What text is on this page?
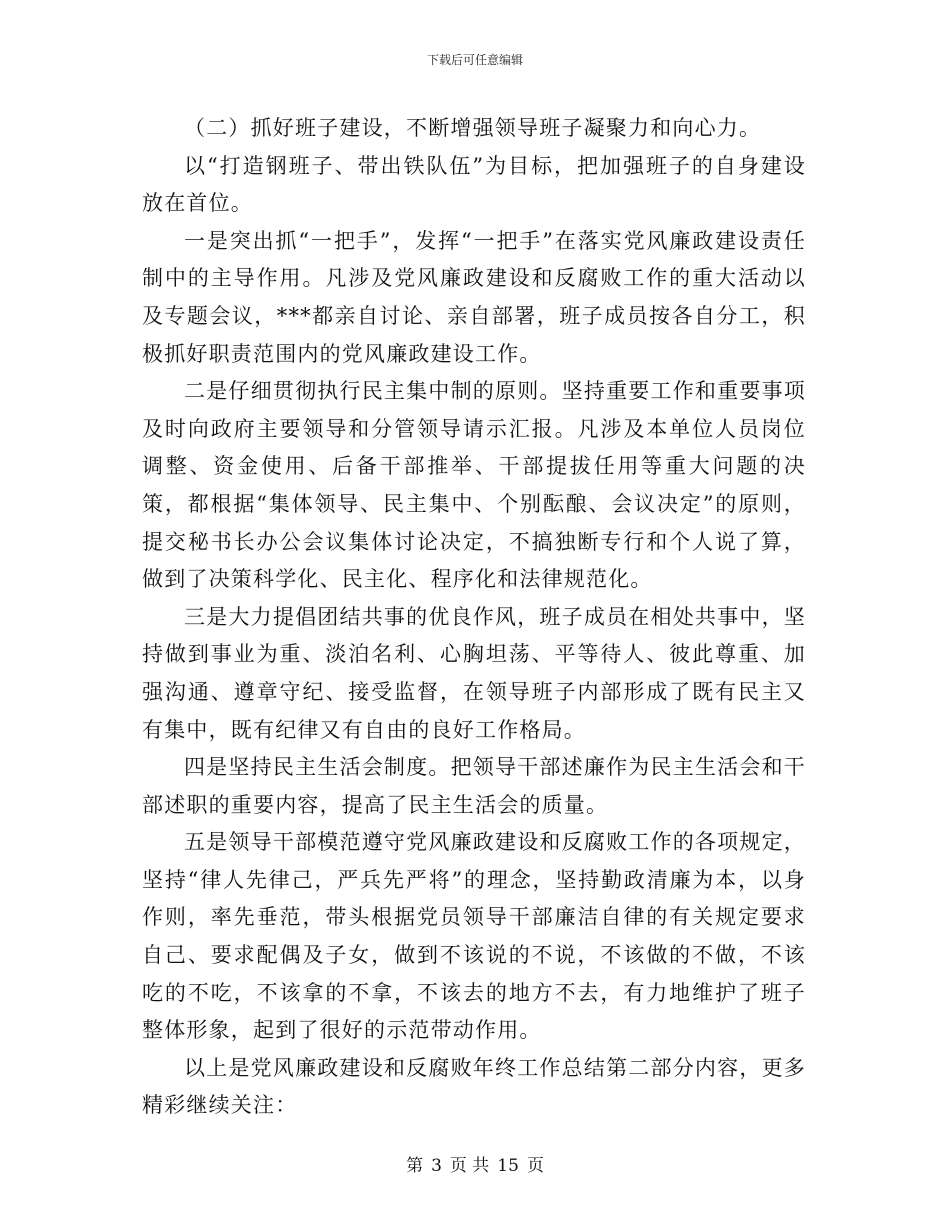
下载后可任意编辑

（二）抓好班子建设，不断增强领导班子凝聚力和向心力。

以“打造钢班子、带出铁队伍”为目标，把加强班子的自身建设放在首位。

一是突出抓“一把手”，发挥“一把手”在落实党风廉政建设责任制中的主导作用。凡涉及党风廉政建设和反腐败工作的重大活动以及专题会议，***都亲自讨论、亲自部署，班子成员按各自分工，积极抓好职责范围内的党风廉政建设工作。

二是仔细贯彻执行民主集中制的原则。坚持重要工作和重要事项及时向政府主要领导和分管领导请示汇报。凡涉及本单位人员岗位调整、资金使用、后备干部推举、干部提拔任用等重大问题的决策，都根据“集体领导、民主集中、个别酝酿、会议决定”的原则，提交秘书长办公会议集体讨论决定，不搞独断专行和个人说了算，做到了决策科学化、民主化、程序化和法律规范化。

三是大力提倡团结共事的优良作风，班子成员在相处共事中，坚持做到事业为重、淡泊名利、心胸坦荡、平等待人、彼此尊重、加强沟通、遵章守纪、接受监督，在领导班子内部形成了既有民主又有集中，既有纪律又有自由的良好工作格局。

四是坚持民主生活会制度。把领导干部述廉作为民主生活会和干部述职的重要内容，提高了民主生活会的质量。

五是领导干部模范遵守党风廉政建设和反腐败工作的各项规定，坚持“律人先律己，严兵先严将”的理念，坚持勤政清廉为本，以身作则，率先垂范，带头根据党员领导干部廉洁自律的有关规定要求自己、要求配偶及子女，做到不该说的不说，不该做的不做，不该吃的不吃，不该拿的不拿，不该去的地方不去，有力地维护了班子整体形象，起到了很好的示范带动作用。

以上是党风廉政建设和反腐败年终工作总结第二部分内容，更多精彩继续关注：

第 3 页 共 15 页
